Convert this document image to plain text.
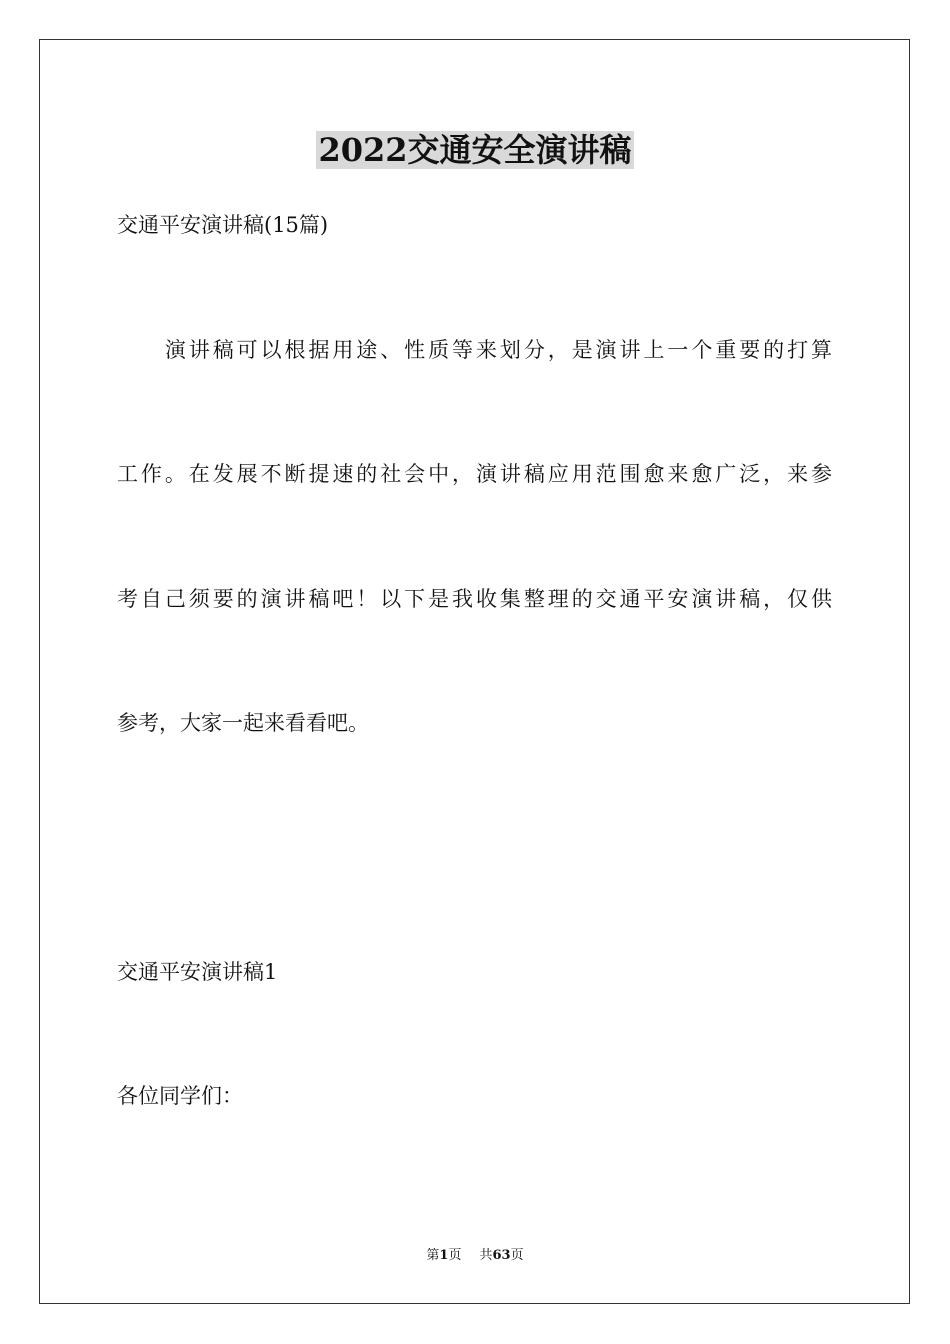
2022交通安全演讲稿
交通平安演讲稿(15篇)
　　演讲稿可以根据用途、性质等来划分，是演讲上一个重要的打算
工作。在发展不断提速的社会中，演讲稿应用范围愈来愈广泛，来参
考自己须要的演讲稿吧！以下是我收集整理的交通平安演讲稿，仅供
参考，大家一起来看看吧。
交通平安演讲稿1
各位同学们：
第1页 共63页
